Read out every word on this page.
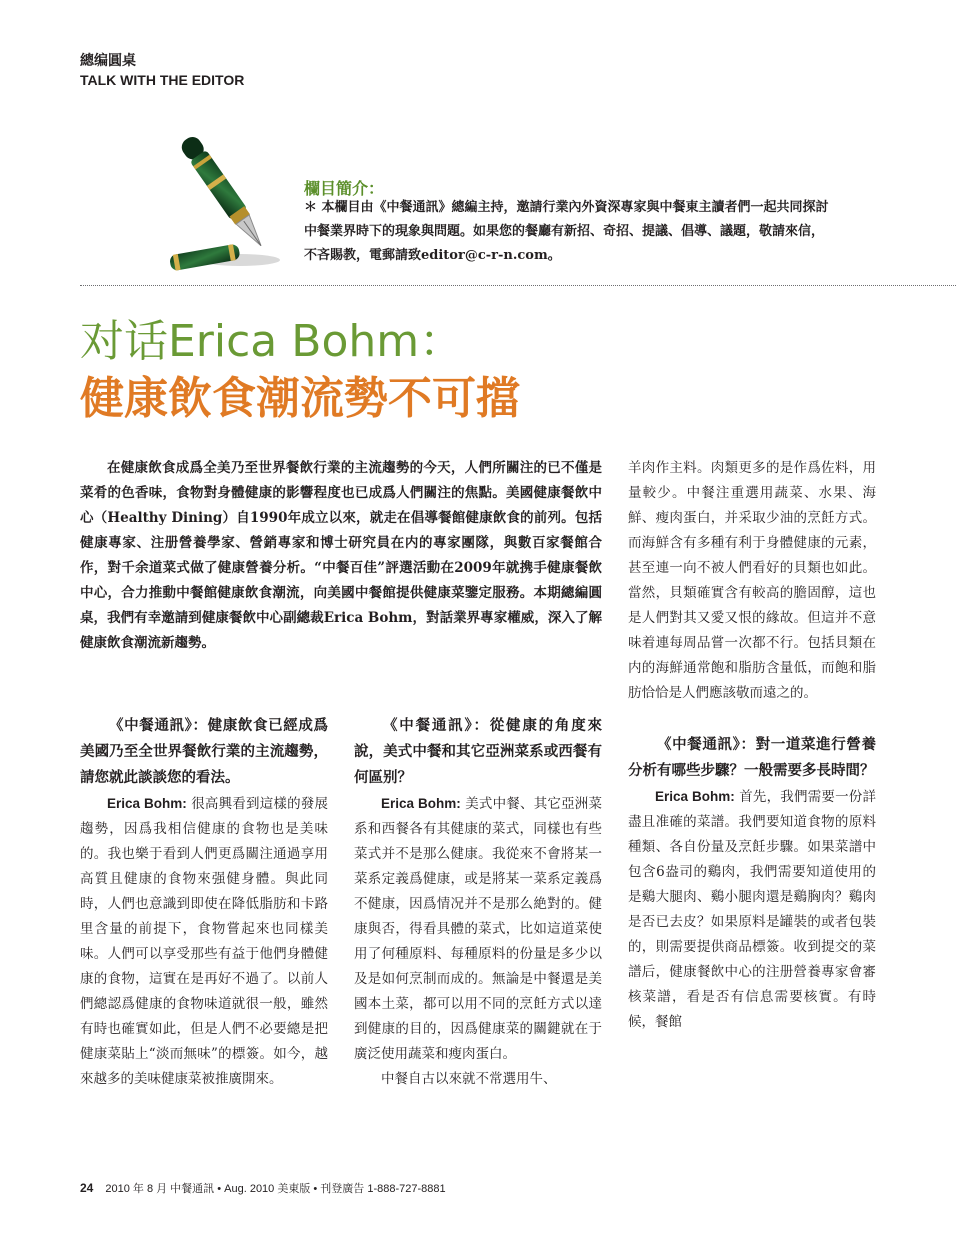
總编圓桌
TALK WITH THE EDITOR
欄目簡介：
＊ 本欄目由《中餐通訊》總編主持，邀請行業內外資深專家與中餐東主讀者們一起共同探討中餐業界時下的現象與問題。如果您的餐廳有新招、奇招、提議、倡導、議題，敬請來信，不吝賜教，電郵請致editor@c-r-n.com。
对话Erica Bohm：
健康飲食潮流勢不可擋

在健康飲食成爲全美乃至世界餐飲行業的主流趨勢的今天，人們所關注的已不僅是菜肴的色香味，食物對身體健康的影響程度也已成爲人們關注的焦點。美國健康餐飲中心（Healthy Dining）自1990年成立以來，就走在倡導餐館健康飲食的前列。包括健康專家、注册營養學家、營銷專家和博士研究員在内的專家團隊，與數百家餐館合作，對千余道菜式做了健康營養分析。“中餐百佳”評選活動在2009年就携手健康餐飲中心，合力推動中餐館健康飲食潮流，向美國中餐館提供健康菜鑒定服務。本期總編圓桌，我們有幸邀請到健康餐飲中心副總裁Erica Bohm，對話業界專家權威，深入了解健康飲食潮流新趨勢。

《中餐通訊》：健康飲食已經成爲美國乃至全世界餐飲行業的主流趨勢，請您就此談談您的看法。

Erica Bohm: 很高興看到這樣的發展趨勢，因爲我相信健康的食物也是美味的。我也樂于看到人們更爲關注通過享用高質且健康的食物來强健身體。與此同時，人們也意識到即使在降低脂肪和卡路里含量的前提下，食物嘗起來也同樣美味。人們可以享受那些有益于他們身體健康的食物，這實在是再好不過了。以前人們總認爲健康的食物味道就很一般，雖然有時也確實如此，但是人們不必要總是把健康菜貼上“淡而無味”的標簽。如今，越來越多的美味健康菜被推廣開來。

《中餐通訊》：從健康的角度來說，美式中餐和其它亞洲菜系或西餐有何區别？

Erica Bohm: 美式中餐、其它亞洲菜系和西餐各有其健康的菜式，同樣也有些菜式并不是那么健康。我從來不會將某一菜系定義爲健康，或是將某一菜系定義爲不健康，因爲情况并不是那么絶對的。健康與否，得看具體的菜式，比如這道菜使用了何種原料、每種原料的份量是多少以及是如何烹制而成的。無論是中餐還是美國本土菜，都可以用不同的烹飪方式以達到健康的目的，因爲健康菜的關鍵就在于廣泛使用蔬菜和瘦肉蛋白。

中餐自古以來就不常選用牛、

羊肉作主料。肉類更多的是作爲佐料，用量較少。中餐注重選用蔬菜、水果、海鮮、瘦肉蛋白，并采取少油的烹飪方式。而海鮮含有多種有利于身體健康的元素，甚至連一向不被人們看好的貝類也如此。當然，貝類確實含有較高的膽固醇，這也是人們對其又愛又恨的緣故。但這并不意味着連每周品嘗一次都不行。包括貝類在内的海鮮通常飽和脂肪含量低，而飽和脂肪恰恰是人們應該敬而遠之的。

《中餐通訊》：對一道菜進行營養分析有哪些步驟？一般需要多長時間？

Erica Bohm: 首先，我們需要一份詳盡且准確的菜譜。我們要知道食物的原料種類、各自份量及烹飪步驟。如果菜譜中包含6盎司的鷄肉，我們需要知道使用的是鷄大腿肉、鷄小腿肉還是鷄胸肉？鷄肉是否已去皮？如果原料是罐裝的或者包裝的，則需要提供商品標簽。收到提交的菜譜后，健康餐飲中心的注册營養專家會審核菜譜，看是否有信息需要核實。有時候，餐館

24 2010 年 8 月 中餐通訊 • Aug. 2010 美東版 • 刊登廣告 1-888-727-8881
